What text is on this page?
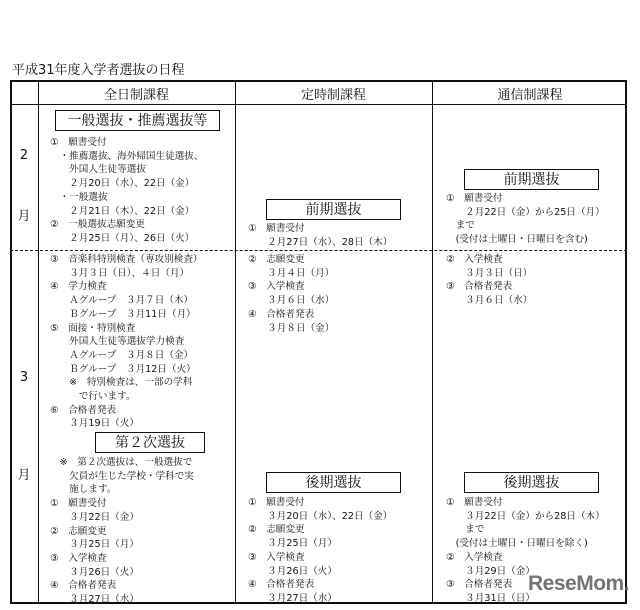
平成31年度入学者選抜の日程
全日制課程	定時制課程	通信制課程
2
月
3
月
一般選抜・推薦選抜等
①　願書受付
　・推薦選抜、海外帰国生徒選抜、
　　外国人生徒等選抜
　　２月20日（水）、22日（金）
　・一般選抜
　　２月21日（木）、22日（金）
②　一般選抜志願変更
　　２月25日（月）、26日（火）
③　音楽科特別検査（専攻別検査）
　　３月３日（日）、４日（月）
④　学力検査
　　Ａグループ　３月７日（木）
　　Ｂグループ　３月11日（月）
⑤　面接・特別検査
　　外国人生徒等選抜学力検査
　　Ａグループ　３月８日（金）
　　Ｂグループ　３月12日（火）
　　※　特別検査は、一部の学科
　　　で行います。
⑥　合格者発表
　　３月19日（火）
第２次選抜
　※　第２次選抜は、一般選抜で
　　欠員が生じた学校・学科で実
　　施します。
①　願書受付
　　３月22日（金）
②　志願変更
　　３月25日（月）
③　入学検査
　　３月26日（火）
④　合格者発表
　　３月27日（水）
前期選抜
①　願書受付
　　２月27日（水）、28日（木）
②　志願変更
　　３月４日（月）
③　入学検査
　　３月６日（水）
④　合格者発表
　　３月８日（金）
後期選抜
①　願書受付
　　３月20日（水）、22日（金）
②　志願変更
　　３月25日（月）
③　入学検査
　　３月26日（火）
④　合格者発表
　　３月27日（水）
前期選抜
①　願書受付
　　２月22日（金）から25日（月）
　まで
　(受付は土曜日・日曜日を含む)
②　入学検査
　　３月３日（日）
③　合格者発表
　　３月６日（水）
後期選抜
①　願書受付
　　３月22日（金）から28日（木）
　　まで
　(受付は土曜日・日曜日を除く)
②　入学検査
　　３月29日（金）
③　合格者発表
　　３月31日（日）
ReseMom.
